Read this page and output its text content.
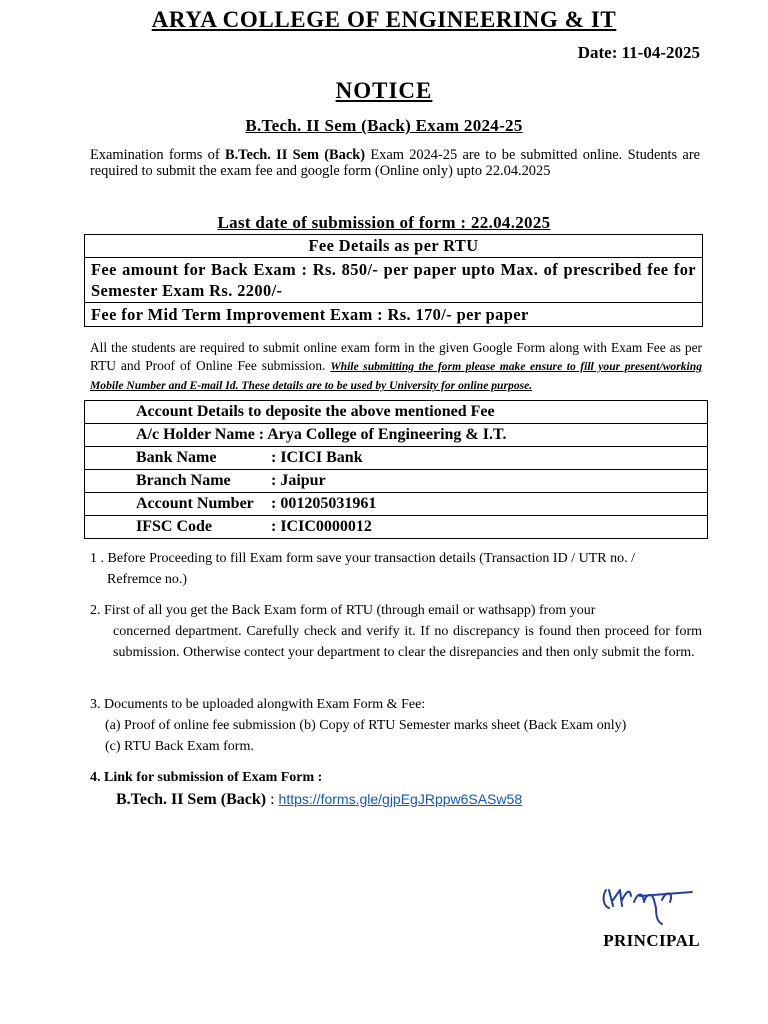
ARYA COLLEGE OF ENGINEERING & IT
Date: 11-04-2025
NOTICE
B.Tech. II Sem (Back) Exam 2024-25
Examination forms of B.Tech. II Sem (Back) Exam 2024-25 are to be submitted online. Students are required to submit the exam fee and google form (Online only) upto 22.04.2025
Last date of submission of form : 22.04.2025
Fee Details as per RTU
Fee amount for Back Exam : Rs. 850/- per paper upto Max. of prescribed fee for Semester Exam Rs. 2200/-
Fee for Mid Term Improvement Exam : Rs. 170/- per paper
All the students are required to submit online exam form in the given Google Form along with Exam Fee as per RTU and Proof of Online Fee submission. While submitting the form please make ensure to fill your present/working Mobile Number and E-mail Id. These details are to be used by University for online purpose.
Account Details to deposite the above mentioned Fee
A/c Holder Name : Arya College of Engineering & I.T.
Bank Name	: ICICI Bank
Branch Name	: Jaipur
Account Number : 001205031961
IFSC Code	: ICIC0000012
1 . Before Proceeding to fill Exam form save your transaction details (Transaction ID / UTR no. /
Refremce no.)
2. First of all you get the Back Exam form of RTU (through email or wathsapp) from your
concerned department. Carefully check and verify it. If no discrepancy is found then proceed for form submission. Otherwise contect your department to clear the disrepancies and then only submit the form.
3. Documents to be uploaded alongwith Exam Form & Fee:
(a) Proof of online fee submission (b) Copy of RTU Semester marks sheet (Back Exam only)
(c) RTU Back Exam form.
4. Link for submission of Exam Form :
B.Tech. II Sem (Back) : https://forms.gle/gjpEgJRppw6SASw58
PRINCIPAL
